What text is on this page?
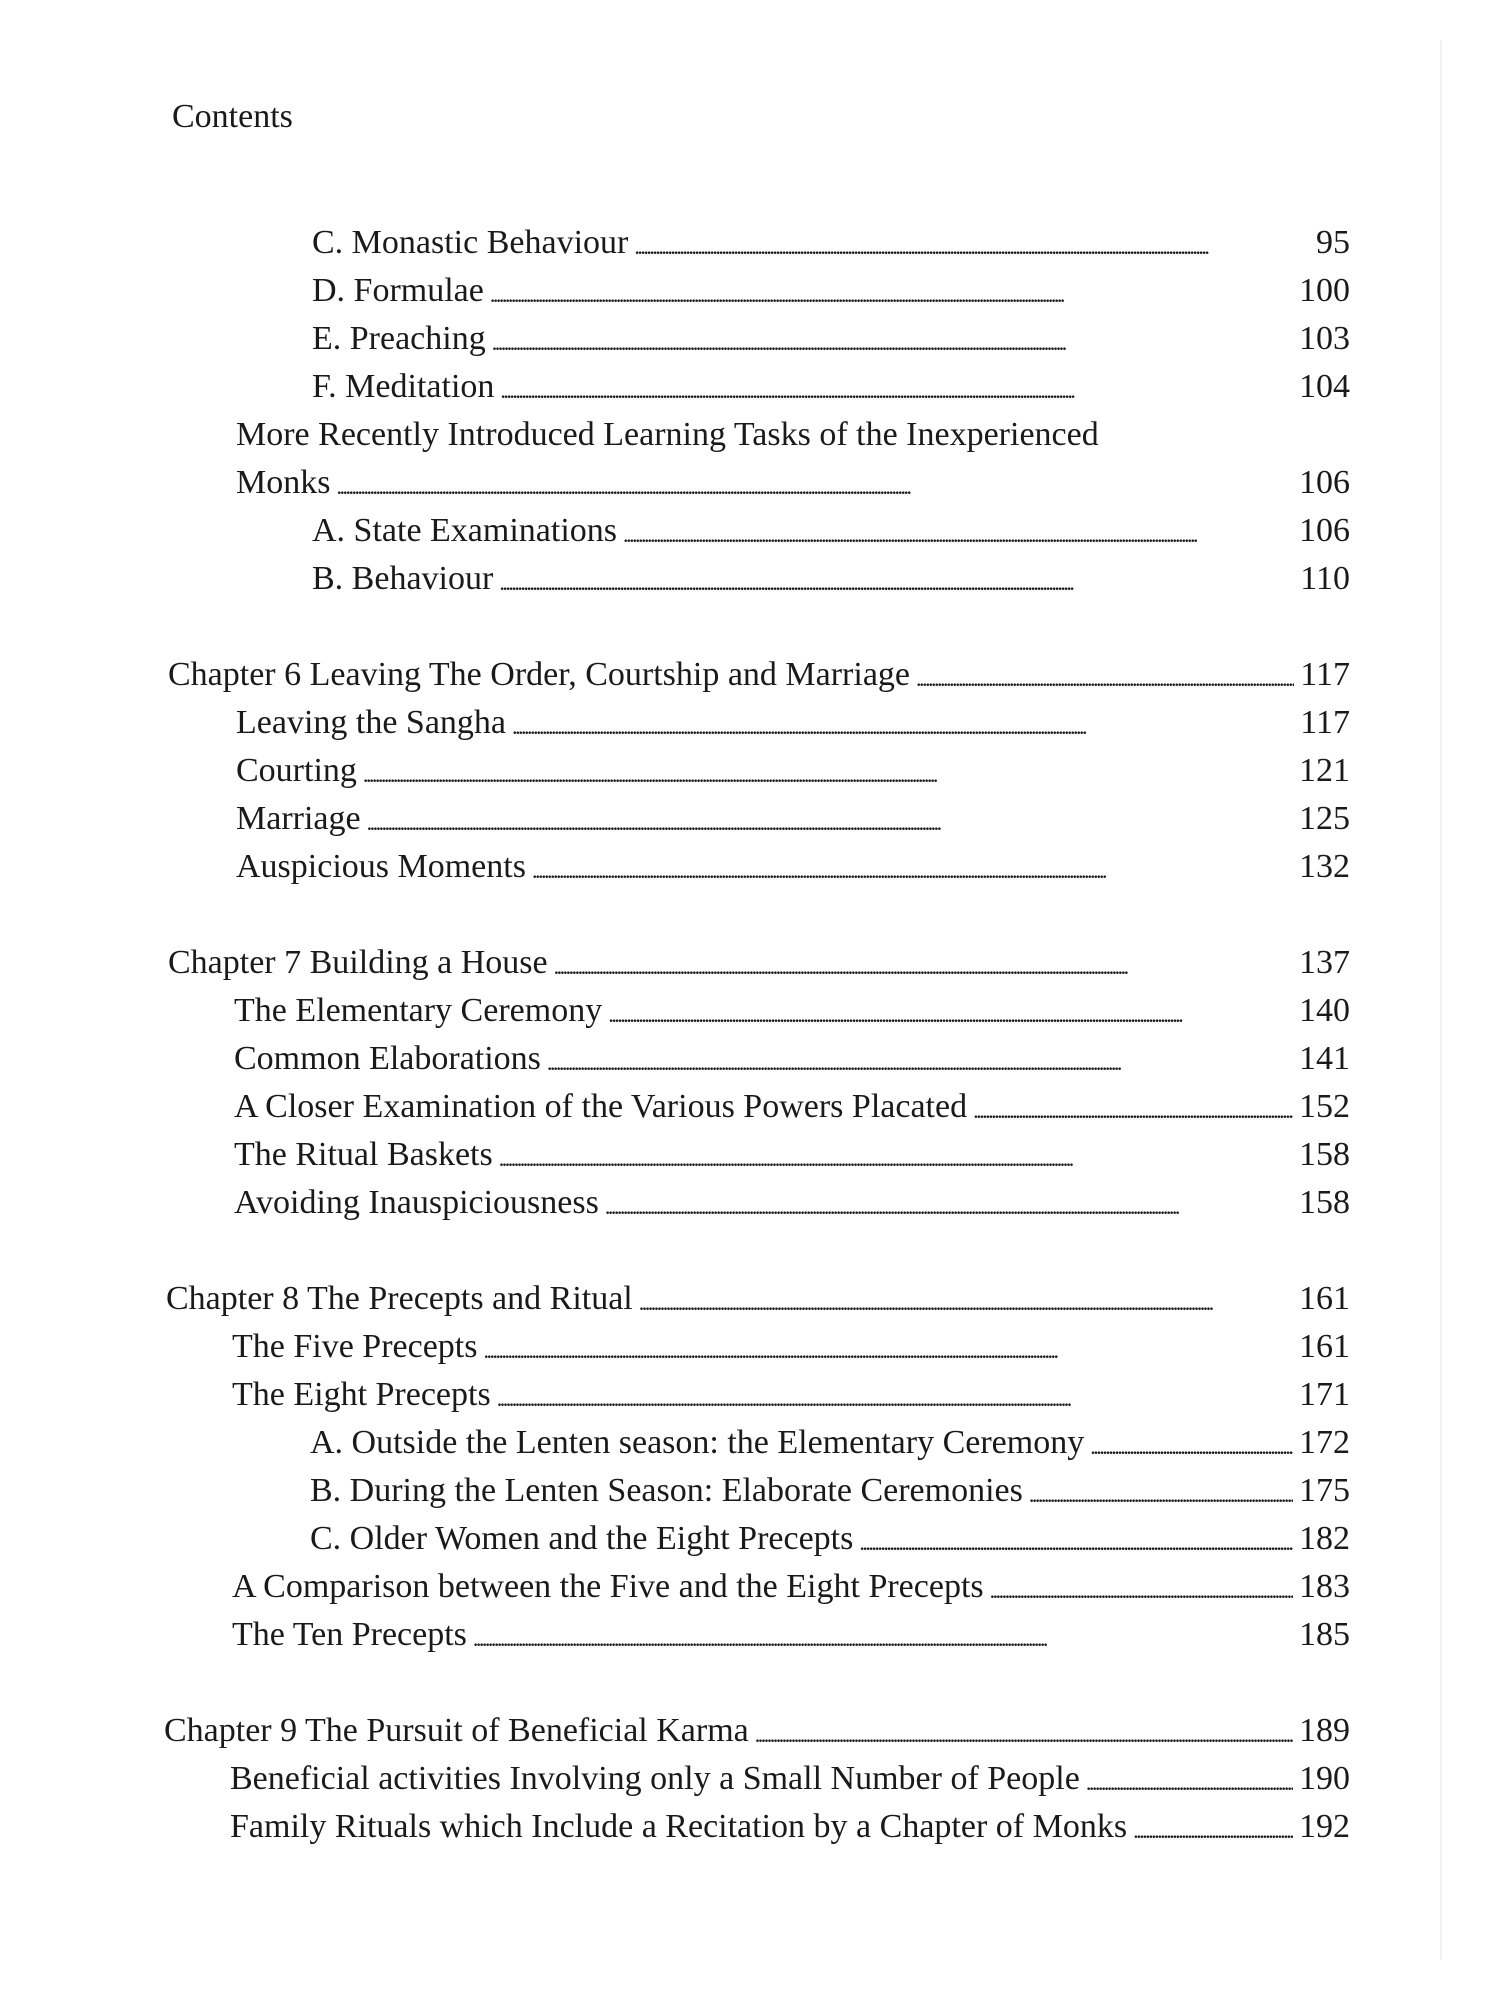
Contents
C. Monastic Behaviour . . .	95
D. Formulae . . .	100
E. Preaching . . .	103
F. Meditation . . .	104
More Recently Introduced Learning Tasks of the Inexperienced
Monks . . .	106
A. State Examinations . . .	106
B. Behaviour . . .	110
Chapter 6 Leaving The Order, Courtship and Marriage . . .	117
Leaving the Sangha . . .	117
Courting . . .	121
Marriage . . .	125
Auspicious Moments . . .	132
Chapter 7 Building a House . . .	137
The Elementary Ceremony . . .	140
Common Elaborations . . .	141
A Closer Examination of the Various Powers Placated . . .	152
The Ritual Baskets . . .	158
Avoiding Inauspiciousness . . .	158
Chapter 8 The Precepts and Ritual . . .	161
The Five Precepts . . .	161
The Eight Precepts . . .	171
A. Outside the Lenten season: the Elementary Ceremony . . .	172
B. During the Lenten Season: Elaborate Ceremonies . . .	175
C. Older Women and the Eight Precepts . . .	182
A Comparison between the Five and the Eight Precepts . . .	183
The Ten Precepts . . .	185
Chapter 9 The Pursuit of Beneficial Karma . . .	189
Beneficial activities Involving only a Small Number of People . . .	190
Family Rituals which Include a Recitation by a Chapter of Monks . . .	192
